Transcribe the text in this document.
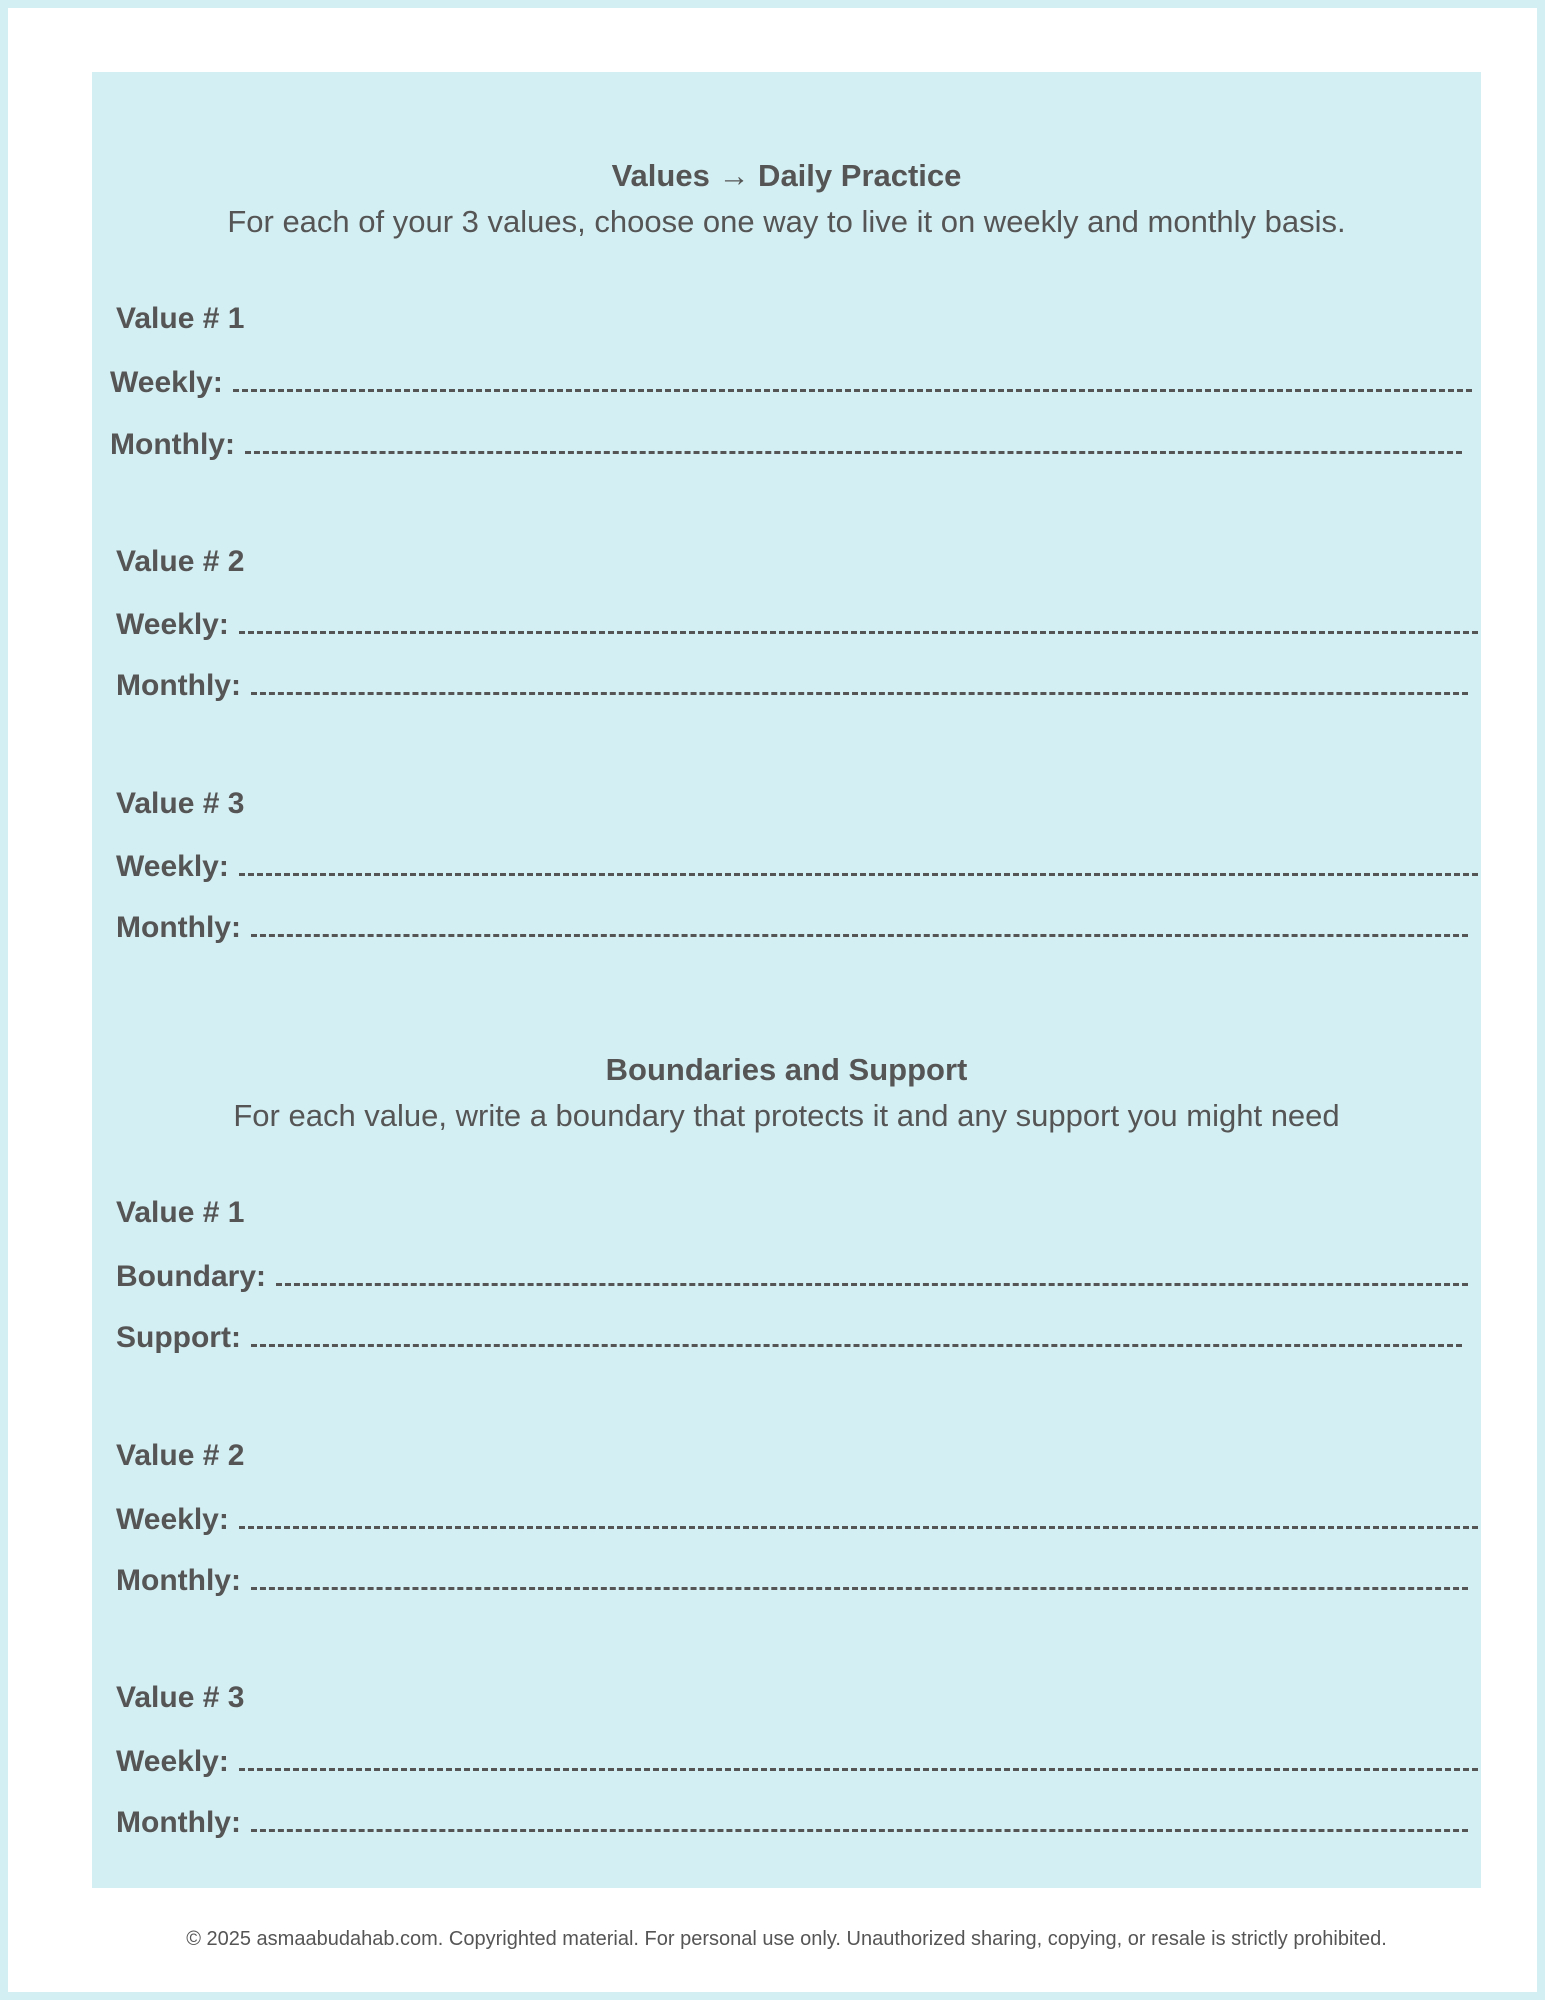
Values → Daily Practice
For each of your 3 values, choose one way to live it on weekly and monthly basis.
Value # 1
Weekly:
Monthly:
Value # 2
Weekly:
Monthly:
Value # 3
Weekly:
Monthly:
Boundaries and Support
For each value, write a boundary that protects it and any support you might need
Value # 1
Boundary:
Support:
Value # 2
Weekly:
Monthly:
Value # 3
Weekly:
Monthly:
© 2025 asmaabudahab.com. Copyrighted material. For personal use only. Unauthorized sharing, copying, or resale is strictly prohibited.
